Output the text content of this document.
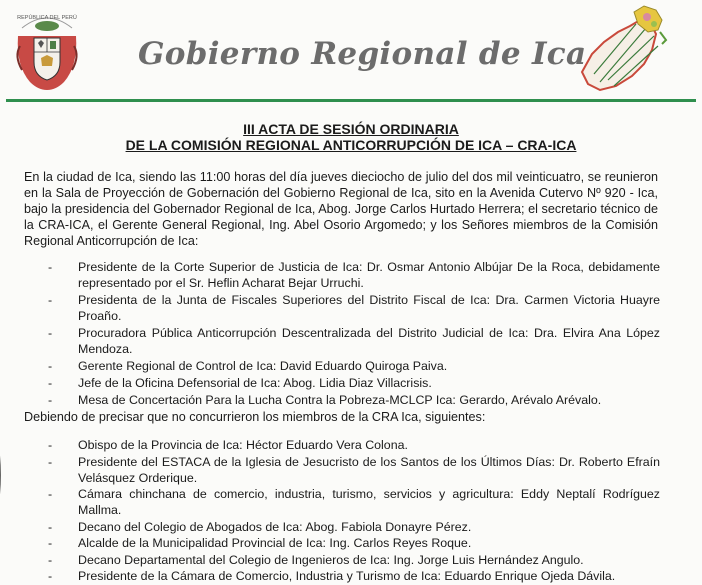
REPÚBLICA DEL PERÚ
Gobierno Regional de Ica
III ACTA DE SESIÓN ORDINARIA
DE LA COMISIÓN REGIONAL ANTICORRUPCIÓN DE ICA – CRA-ICA

En la ciudad de Ica, siendo las 11:00 horas del día jueves dieciocho de julio del dos mil veinticuatro, se reunieron en la Sala de Proyección de Gobernación del Gobierno Regional de Ica, sito en la Avenida Cutervo Nº 920 - Ica, bajo la presidencia del Gobernador Regional de Ica, Abog. Jorge Carlos Hurtado Herrera; el secretario técnico de la CRA-ICA, el Gerente General Regional, Ing. Abel Osorio Argomedo; y los Señores miembros de la Comisión Regional Anticorrupción de Ica:

- Presidente de la Corte Superior de Justicia de Ica: Dr. Osmar Antonio Albújar De la Roca, debidamente representado por el Sr. Heflin Acharat Bejar Urruchi.
- Presidenta de la Junta de Fiscales Superiores del Distrito Fiscal de Ica: Dra. Carmen Victoria Huayre Proaño.
- Procuradora Pública Anticorrupción Descentralizada del Distrito Judicial de Ica: Dra. Elvira Ana López Mendoza.
- Gerente Regional de Control de Ica: David Eduardo Quiroga Paiva.
- Jefe de la Oficina Defensorial de Ica: Abog. Lidia Diaz Villacrisis.
- Mesa de Concertación Para la Lucha Contra la Pobreza-MCLCP Ica: Gerardo, Arévalo Arévalo.
Debiendo de precisar que no concurrieron los miembros de la CRA Ica, siguientes:
- Obispo de la Provincia de Ica: Héctor Eduardo Vera Colona.
- Presidente del ESTACA de la Iglesia de Jesucristo de los Santos de los Últimos Días: Dr. Roberto Efraín Velásquez Orderique.
- Cámara chinchana de comercio, industria, turismo, servicios y agricultura: Eddy Neptalí Rodríguez Mallma.
- Decano del Colegio de Abogados de Ica: Abog. Fabiola Donayre Pérez.
- Alcalde de la Municipalidad Provincial de Ica: Ing. Carlos Reyes Roque.
- Decano Departamental del Colegio de Ingenieros de Ica: Ing. Jorge Luis Hernández Angulo.
- Presidente de la Cámara de Comercio, Industria y Turismo de Ica: Eduardo Enrique Ojeda Dávila.
